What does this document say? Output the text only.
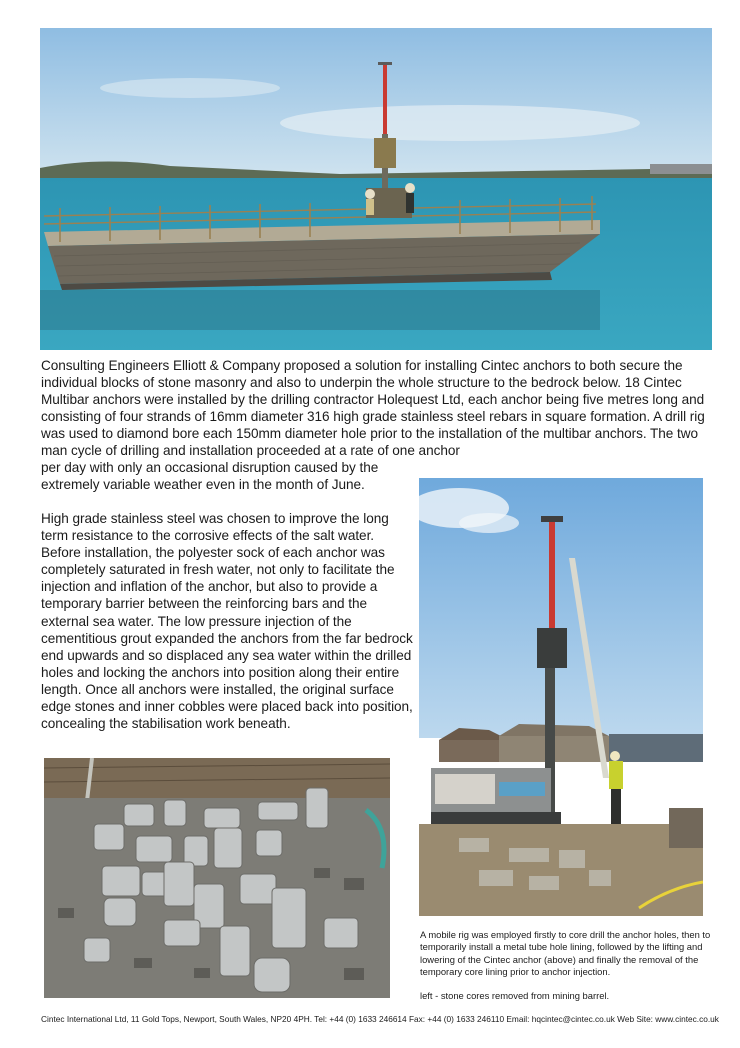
Consulting Engineers Elliott & Company proposed a solution for installing Cintec anchors to both secure the individual blocks of stone masonry and also to underpin the whole structure to the bedrock below. 18 Cintec Multibar anchors were installed by the drilling contractor Holequest Ltd, each anchor being five metres long and consisting of four strands of 16mm diameter 316 high grade stainless steel rebars in square formation. A drill rig was used to diamond bore each 150mm diameter hole prior to the installation of the multibar anchors. The two man cycle of drilling and installation proceeded at a rate of one anchor

per day with only an occasional disruption caused by the extremely variable weather even in the month of June.

High grade stainless steel was chosen to improve the long term resistance to the corrosive effects of the salt water. Before installation, the polyester sock of each anchor was completely saturated in fresh water, not only to facilitate the injection and inflation of the anchor, but also to provide a temporary barrier between the reinforcing bars and the external sea water. The low pressure injection of the cementitious grout expanded the anchors from the far bedrock end upwards and so displaced any sea water within the drilled holes and locking the anchors into position along their entire length. Once all anchors were installed, the original surface edge stones and inner cobbles were placed back into position, concealing the stabilisation work beneath.

A mobile rig was employed firstly to core drill the anchor holes, then to temporarily install a metal tube hole lining, followed by the lifting and lowering of the Cintec anchor (above) and finally the removal of the temporary core lining prior to anchor injection.

left - stone cores removed from mining barrel.

Cintec International Ltd, 11 Gold Tops, Newport, South Wales, NP20 4PH. Tel: +44 (0) 1633 246614 Fax: +44 (0) 1633 246110 Email: hqcintec@cintec.co.uk Web Site: www.cintec.co.uk
